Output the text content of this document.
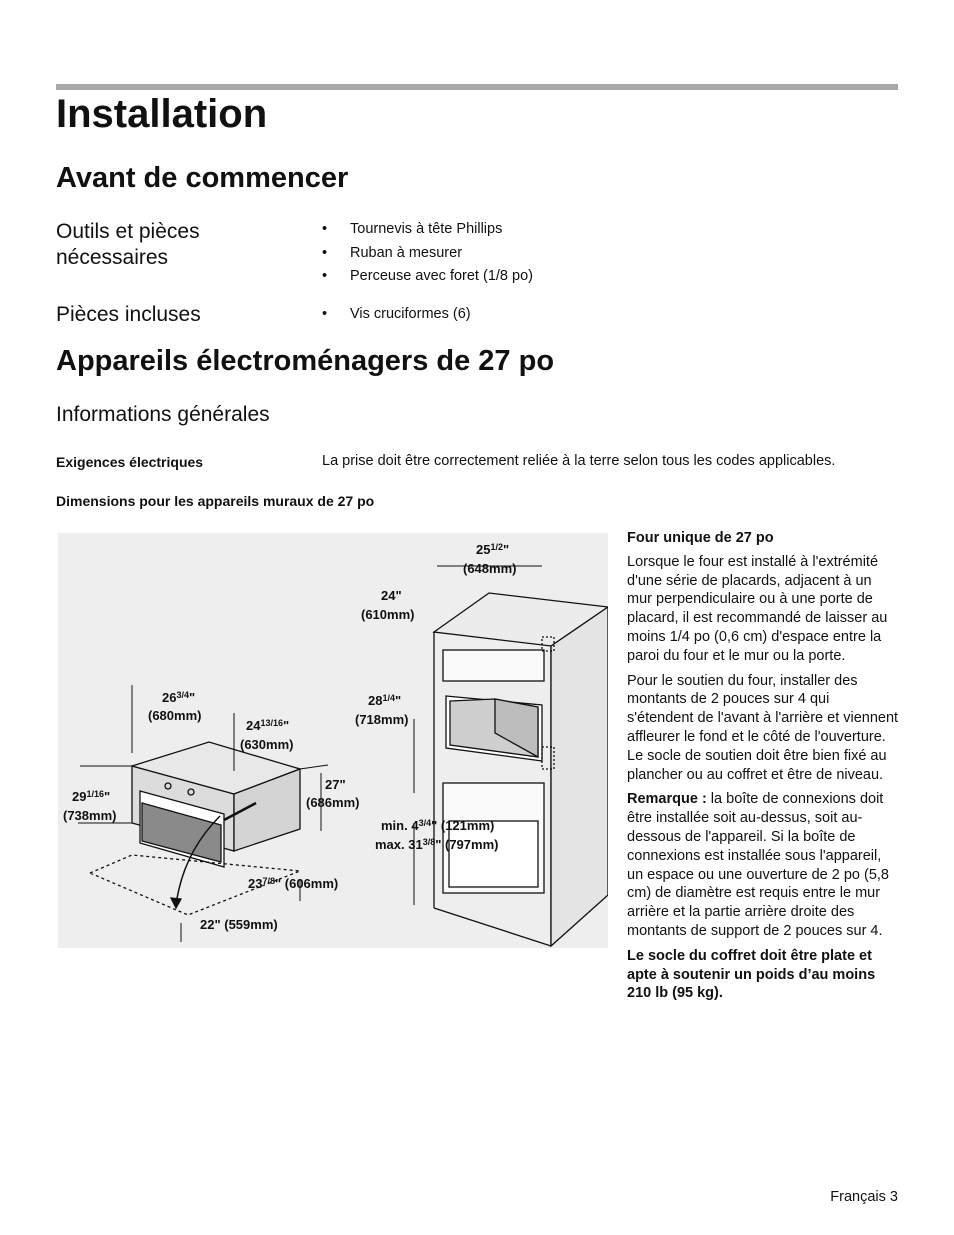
Installation
Avant de commencer
Outils et pièces nécessaires
• Tournevis à tête Phillips
• Ruban à mesurer
• Perceuse avec foret (1/8 po)
Pièces incluses
•	Vis cruciformes (6)
Appareils électroménagers de 27 po
Informations générales
Exigences électriques	La prise doit être correctement reliée à la terre selon tous les codes applicables.
Dimensions pour les appareils muraux de 27 po
$26^{3/4}$"
(680mm)
$24^{13/16}$"
(630mm)
$29^{1/16}$"
(738mm)
27"
(686mm)
$23^{7/8}$" (606mm)
22" (559mm)
$25^{1/2}$"
(648mm)
24"
(610mm)
$28^{1/4}$"
(718mm)
min. $4^{3/4}$" (121mm)
max. $31^{3/8}$" (797mm)

Four unique de 27 po

Lorsque le four est installé à l'extrémité d'une série de placards, adjacent à un mur perpendiculaire ou à une porte de placard, il est recommandé de laisser au moins 1/4 po (0,6 cm) d'espace entre la paroi du four et le mur ou la porte.

Pour le soutien du four, installer des montants de 2 pouces sur 4 qui s'étendent de l'avant à l'arrière et viennent affleurer le fond et le côté de l'ouverture. Le socle de soutien doit être bien fixé au plancher ou au coffret et être de niveau.

Remarque : la boîte de connexions doit être installée soit au-dessus, soit au-dessous de l'appareil. Si la boîte de connexions est installée sous l'appareil, un espace ou une ouverture de 2 po (5,8 cm) de diamètre est requis entre le mur arrière et la partie arrière droite des montants de support de 2 pouces sur 4.

Le socle du coffret doit être plate et apte à soutenir un poids d’au moins 210 lb (95 kg).

Français 3
